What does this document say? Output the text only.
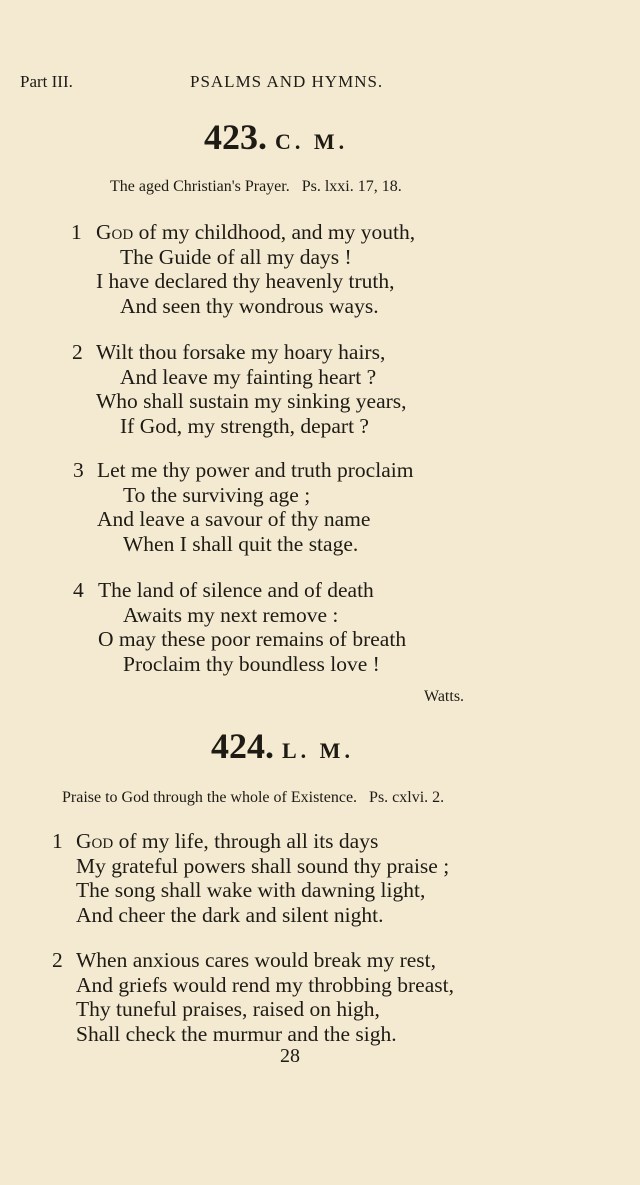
Part III.	PSALMS AND HYMNS.
423. C. M.
The aged Christian's Prayer. Ps. lxxi. 17, 18.
1 God of my childhood, and my youth,
The Guide of all my days !
I have declared thy heavenly truth,
And seen thy wondrous ways.
2 Wilt thou forsake my hoary hairs,
And leave my fainting heart ?
Who shall sustain my sinking years,
If God, my strength, depart ?
3 Let me thy power and truth proclaim
To the surviving age ;
And leave a savour of thy name
When I shall quit the stage.
4 The land of silence and of death
Awaits my next remove :
O may these poor remains of breath
Proclaim thy boundless love !
Watts.
424. L. M.
Praise to God through the whole of Existence. Ps. cxlvi. 2.
1 God of my life, through all its days
My grateful powers shall sound thy praise ;
The song shall wake with dawning light,
And cheer the dark and silent night.
2 When anxious cares would break my rest,
And griefs would rend my throbbing breast,
Thy tuneful praises, raised on high,
Shall check the murmur and the sigh.
28
